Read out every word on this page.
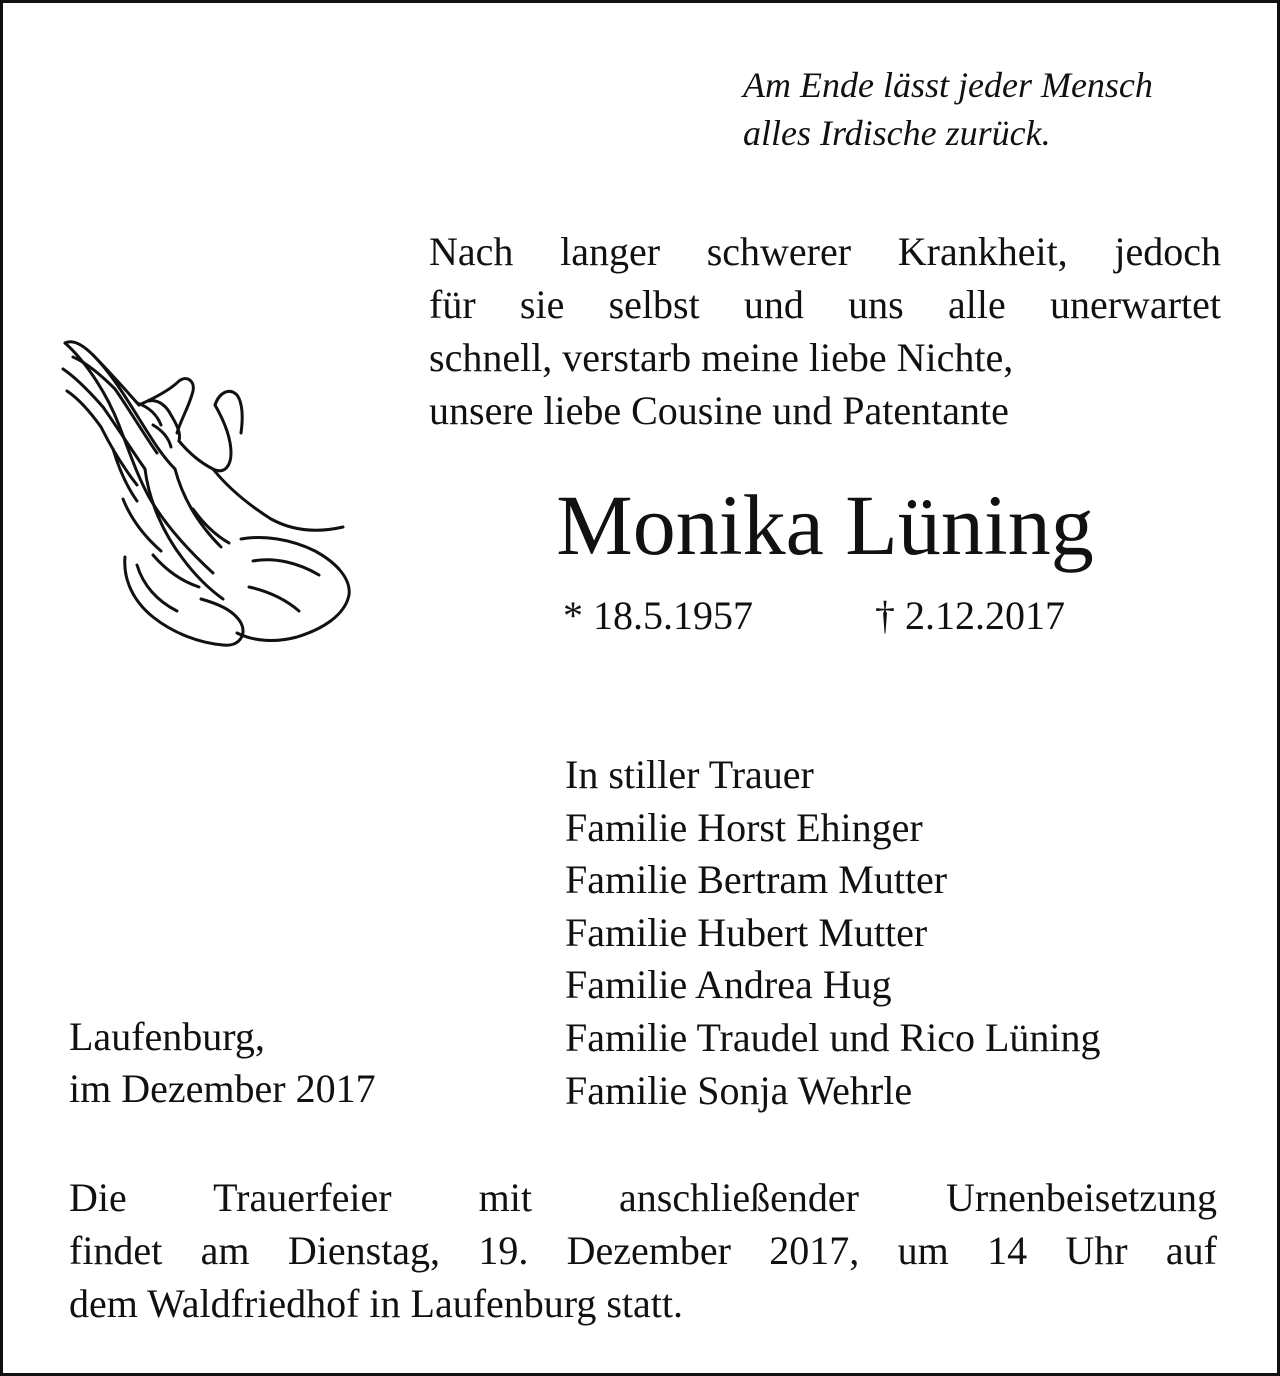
Am Ende lässt jeder Mensch
alles Irdische zurück.
Nach langer schwerer Krankheit, jedoch
für sie selbst und uns alle unerwartet
schnell, verstarb meine liebe Nichte,
unsere liebe Cousine und Patentante
Monika Lüning
* 18.5.1957	† 2.12.2017
In stiller Trauer
Familie Horst Ehinger
Familie Bertram Mutter
Familie Hubert Mutter
Familie Andrea Hug
Familie Traudel und Rico Lüning
Familie Sonja Wehrle
Laufenburg,
im Dezember 2017
Die Trauerfeier mit anschließender Urnenbeisetzung
findet am Dienstag, 19. Dezember 2017, um 14 Uhr auf
dem Waldfriedhof in Laufenburg statt.
